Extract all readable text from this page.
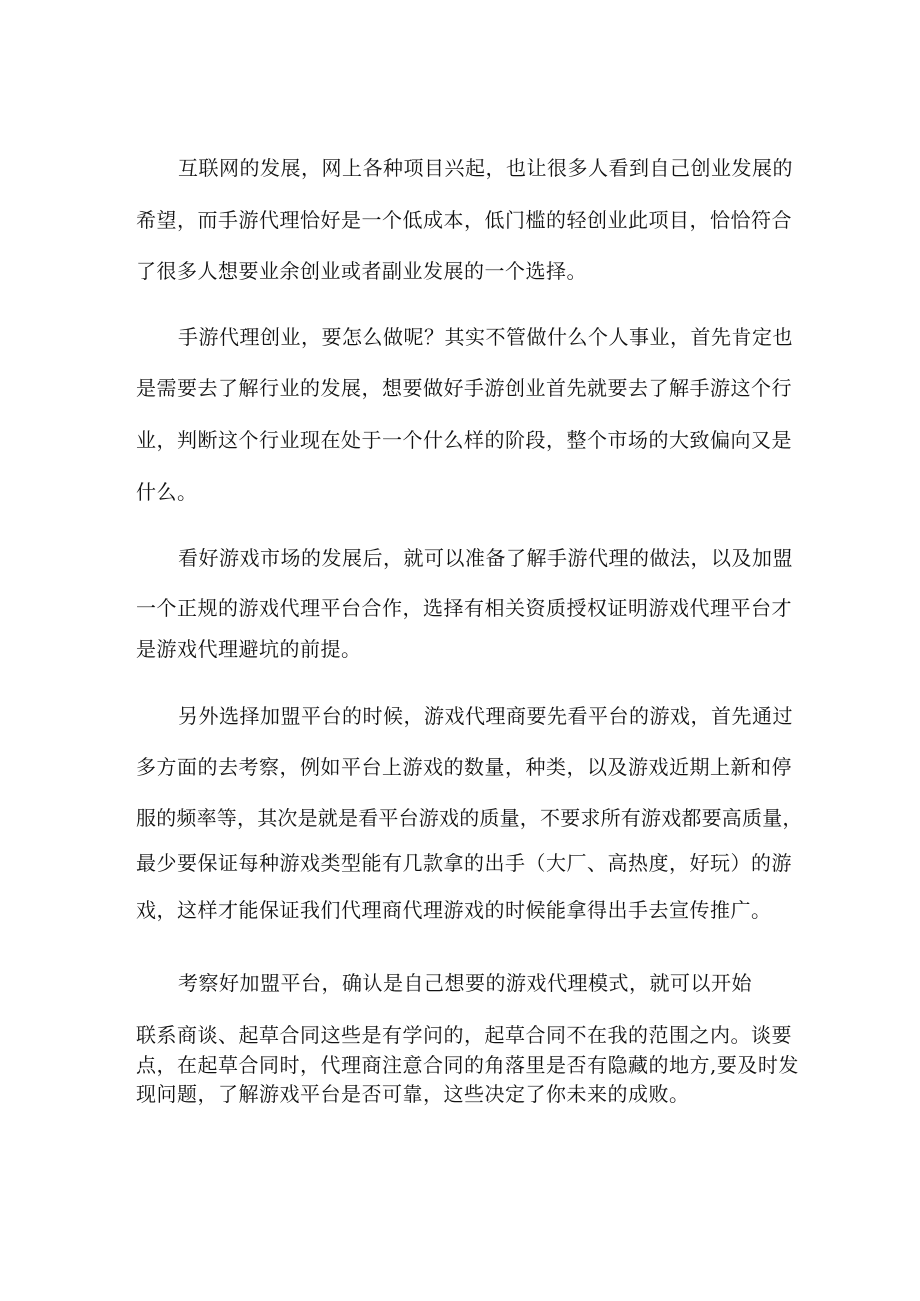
互联网的发展，网上各种项目兴起，也让很多人看到自己创业发展的

希望，而手游代理恰好是一个低成本，低门槛的轻创业此项目，恰恰符合

了很多人想要业余创业或者副业发展的一个选择。

手游代理创业，要怎么做呢？其实不管做什么个人事业，首先肯定也

是需要去了解行业的发展，想要做好手游创业首先就要去了解手游这个行

业，判断这个行业现在处于一个什么样的阶段，整个市场的大致偏向又是

什么。

看好游戏市场的发展后，就可以准备了解手游代理的做法，以及加盟

一个正规的游戏代理平台合作，选择有相关资质授权证明游戏代理平台才

是游戏代理避坑的前提。

另外选择加盟平台的时候，游戏代理商要先看平台的游戏，首先通过

多方面的去考察，例如平台上游戏的数量，种类，以及游戏近期上新和停

服的频率等，其次是就是看平台游戏的质量，不要求所有游戏都要高质量，

最少要保证每种游戏类型能有几款拿的出手（大厂、高热度，好玩）的游

戏，这样才能保证我们代理商代理游戏的时候能拿得出手去宣传推广。

考察好加盟平台，确认是自己想要的游戏代理模式，就可以开始

联系商谈、起草合同这些是有学问的，起草合同不在我的范围之内。谈要

点，在起草合同时，代理商注意合同的角落里是否有隐藏的地方,要及时发

现问题，了解游戏平台是否可靠，这些决定了你未来的成败。
